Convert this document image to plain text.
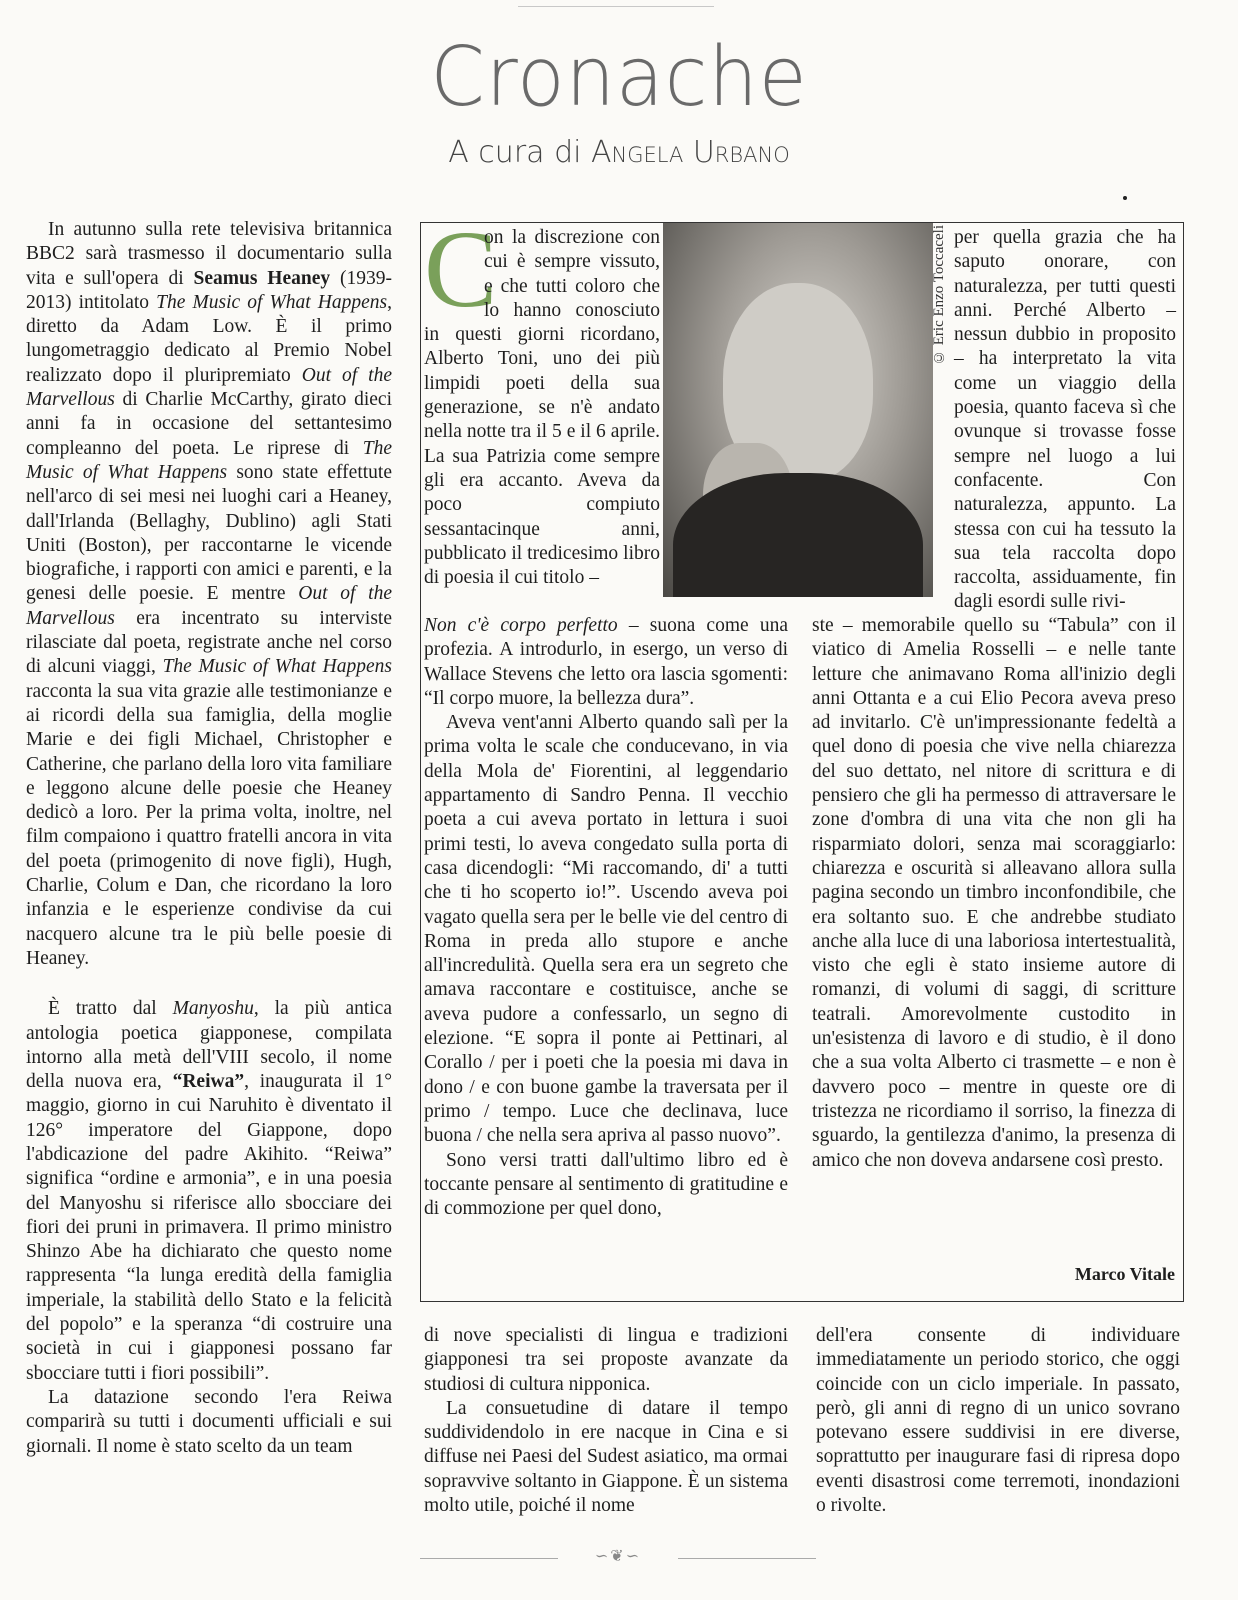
Cronache
A cura di Angela Urbano

In autunno sulla rete televisiva britannica BBC2 sarà trasmesso il documentario sulla vita e sull'opera di Seamus Heaney (1939-2013) intitolato The Music of What Happens, diretto da Adam Low. È il primo lungometraggio dedicato al Premio Nobel realizzato dopo il pluripremiato Out of the Marvellous di Charlie McCarthy, girato dieci anni fa in occasione del settantesimo compleanno del poeta. Le riprese di The Music of What Happens sono state effettute nell'arco di sei mesi nei luoghi cari a Heaney, dall'Irlanda (Bellaghy, Dublino) agli Stati Uniti (Boston), per raccontarne le vicende biografiche, i rapporti con amici e parenti, e la genesi delle poesie. E mentre Out of the Marvellous era incentrato su interviste rilasciate dal poeta, registrate anche nel corso di alcuni viaggi, The Music of What Happens racconta la sua vita grazie alle testimonianze e ai ricordi della sua famiglia, della moglie Marie e dei figli Michael, Christopher e Catherine, che parlano della loro vita familiare e leggono alcune delle poesie che Heaney dedicò a loro. Per la prima volta, inoltre, nel film compaiono i quattro fratelli ancora in vita del poeta (primogenito di nove figli), Hugh, Charlie, Colum e Dan, che ricordano la loro infanzia e le esperienze condivise da cui nacquero alcune tra le più belle poesie di Heaney.

È tratto dal Manyoshu, la più antica antologia poetica giapponese, compilata intorno alla metà dell'VIII secolo, il nome della nuova era, “Reiwa”, inaugurata il 1° maggio, giorno in cui Naruhito è diventato il 126° imperatore del Giappone, dopo l'abdicazione del padre Akihito. “Reiwa” significa “ordine e armonia”, e in una poesia del Manyoshu si riferisce allo sbocciare dei fiori dei pruni in primavera. Il primo ministro Shinzo Abe ha dichiarato che questo nome rappresenta “la lunga eredità della famiglia imperiale, la stabilità dello Stato e la felicità del popolo” e la speranza “di costruire una società in cui i giapponesi possano far sbocciare tutti i fiori possibili”.

La datazione secondo l'era Reiwa comparirà su tutti i documenti ufficiali e sui giornali. Il nome è stato scelto da un team

© Eric Enzo Toccaceli

C
on la discrezione con cui è sempre vissuto, e che tutti coloro che lo hanno conosciuto in questi giorni ricordano, Alberto Toni, uno dei più limpidi poeti della sua generazione, se n'è andato nella notte tra il 5 e il 6 aprile. La sua Patrizia come sempre gli era accanto. Aveva da poco compiuto sessantacinque anni, pubblicato il tredicesimo libro di poesia il cui titolo –

Non c'è corpo perfetto – suona come una profezia. A introdurlo, in esergo, un verso di Wallace Stevens che letto ora lascia sgomenti: “Il corpo muore, la bellezza dura”.

Aveva vent'anni Alberto quando salì per la prima volta le scale che conducevano, in via della Mola de' Fiorentini, al leggendario appartamento di Sandro Penna. Il vecchio poeta a cui aveva portato in lettura i suoi primi testi, lo aveva congedato sulla porta di casa dicendogli: “Mi raccomando, di' a tutti che ti ho scoperto io!”. Uscendo aveva poi vagato quella sera per le belle vie del centro di Roma in preda allo stupore e anche all'incredulità. Quella sera era un segreto che amava raccontare e costituisce, anche se aveva pudore a confessarlo, un segno di elezione. “E sopra il ponte ai Pettinari, al Corallo / per i poeti che la poesia mi dava in dono / e con buone gambe la traversata per il primo / tempo. Luce che declinava, luce buona / che nella sera apriva al passo nuovo”.

Sono versi tratti dall'ultimo libro ed è toccante pensare al sentimento di gratitudine e di commozione per quel dono,

per quella grazia che ha saputo onorare, con naturalezza, per tutti questi anni. Perché Alberto – nessun dubbio in proposito – ha interpretato la vita come un viaggio della poesia, quanto faceva sì che ovunque si trovasse fosse sempre nel luogo a lui confacente. Con naturalezza, appunto. La stessa con cui ha tessuto la sua tela raccolta dopo raccolta, assiduamente, fin dagli esordi sulle rivi-

ste – memorabile quello su “Tabula” con il viatico di Amelia Rosselli – e nelle tante letture che animavano Roma all'inizio degli anni Ottanta e a cui Elio Pecora aveva preso ad invitarlo. C'è un'impressionante fedeltà a quel dono di poesia che vive nella chiarezza del suo dettato, nel nitore di scrittura e di pensiero che gli ha permesso di attraversare le zone d'ombra di una vita che non gli ha risparmiato dolori, senza mai scoraggiarlo: chiarezza e oscurità si alleavano allora sulla pagina secondo un timbro inconfondibile, che era soltanto suo. E che andrebbe studiato anche alla luce di una laboriosa intertestualità, visto che egli è stato insieme autore di romanzi, di volumi di saggi, di scritture teatrali. Amorevolmente custodito in un'esistenza di lavoro e di studio, è il dono che a sua volta Alberto ci trasmette – e non è davvero poco – mentre in queste ore di tristezza ne ricordiamo il sorriso, la finezza di sguardo, la gentilezza d'animo, la presenza di amico che non doveva andarsene così presto.

Marco Vitale

di nove specialisti di lingua e tradizioni giapponesi tra sei proposte avanzate da studiosi di cultura nipponica.

La consuetudine di datare il tempo suddividendolo in ere nacque in Cina e si diffuse nei Paesi del Sudest asiatico, ma ormai sopravvive soltanto in Giappone. È un sistema molto utile, poiché il nome

dell'era consente di individuare immediatamente un periodo storico, che oggi coincide con un ciclo imperiale. In passato, però, gli anni di regno di un unico sovrano potevano essere suddivisi in ere diverse, soprattutto per inaugurare fasi di ripresa dopo eventi disastrosi come terremoti, inondazioni o rivolte.

∽❦∽
